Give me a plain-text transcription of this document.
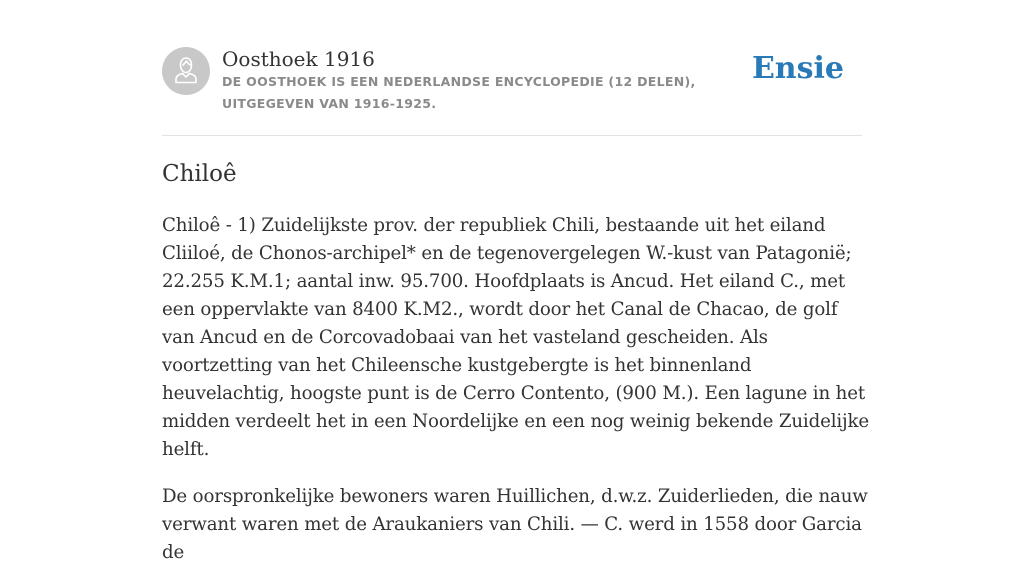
Oosthoek 1916
DE OOSTHOEK IS EEN NEDERLANDSE ENCYCLOPEDIE (12 DELEN), UITGEGEVEN VAN 1916-1925.
Ensie
Chiloê

Chiloê - 1) Zuidelijkste prov. der republiek Chili, bestaande uit het eiland Cliiloé, de Chonos-archipel* en de tegenovergelegen W.-kust van Patagonië; 22.255 K.M.1; aantal inw. 95.700. Hoofdplaats is Ancud. Het eiland C., met een oppervlakte van 8400 K.M2., wordt door het Canal de Chacao, de golf van Ancud en de Corcovadobaai van het vasteland gescheiden. Als voortzetting van het Chileensche kustgebergte is het binnenland heuvelachtig, hoogste punt is de Cerro Contento, (900 M.). Een lagune in het midden verdeelt het in een Noordelijke en een nog weinig bekende Zuidelijke helft.

De oorspronkelijke bewoners waren Huillichen, d.w.z. Zuiderlieden, die nauw verwant waren met de Araukaniers van Chili. — C. werd in 1558 door Garcia de
